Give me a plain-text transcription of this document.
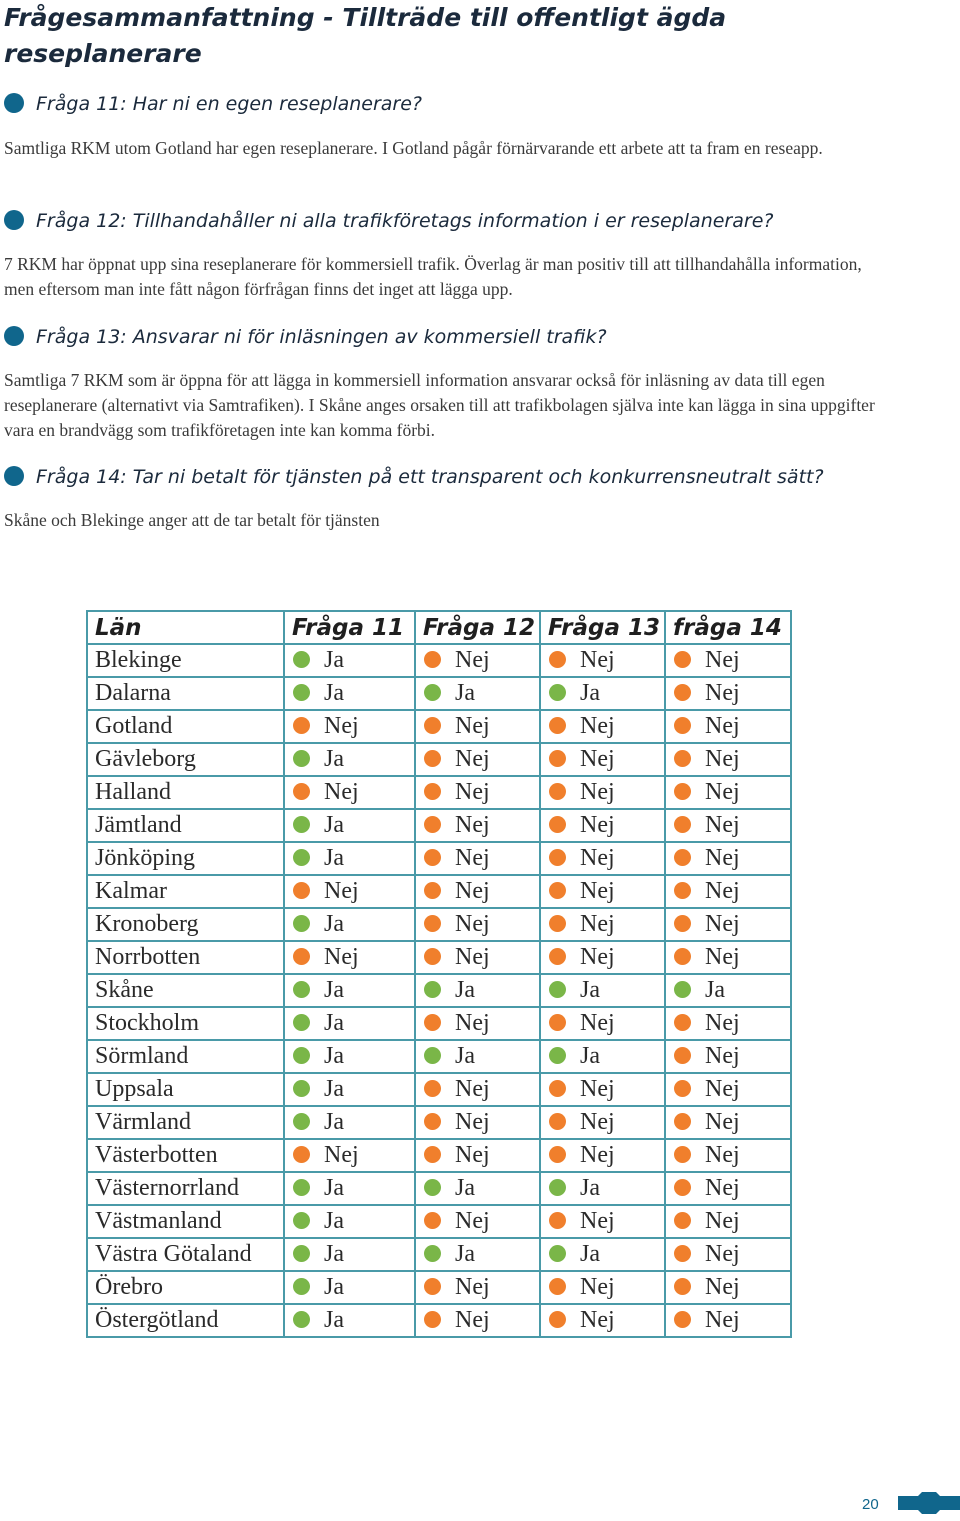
Frågesammanfattning - Tillträde till offentligt ägda reseplanerare
Fråga 11: Har ni en egen reseplanerare?

Samtliga RKM utom Gotland har egen reseplanerare. I Gotland pågår förnärvarande ett arbete att ta fram en reseapp.

Fråga 12: Tillhandahåller ni alla trafikföretags information i er reseplanerare?

7 RKM har öppnat upp sina reseplanerare för kommersiell trafik. Överlag är man positiv till att tillhandahålla information, men eftersom man inte fått någon förfrågan finns det inget att lägga upp.

Fråga 13: Ansvarar ni för inläsningen av kommersiell trafik?

Samtliga 7 RKM som är öppna för att lägga in kommersiell information ansvarar också för inläsning av data till egen reseplanerare (alternativt via Samtrafiken). I Skåne anges orsaken till att trafikbolagen själva inte kan lägga in sina uppgifter vara en brandvägg som trafikföretagen inte kan komma förbi.

Fråga 14: Tar ni betalt för tjänsten på ett transparent och konkurrensneutralt sätt?

Skåne och Blekinge anger att de tar betalt för tjänsten

Län	Fråga 11	Fråga 12	Fråga 13	fråga 14
Blekinge	Ja	Nej	Nej	Nej
Dalarna	Ja	Ja	Ja	Nej
Gotland	Nej	Nej	Nej	Nej
Gävleborg	Ja	Nej	Nej	Nej
Halland	Nej	Nej	Nej	Nej
Jämtland	Ja	Nej	Nej	Nej
Jönköping	Ja	Nej	Nej	Nej
Kalmar	Nej	Nej	Nej	Nej
Kronoberg	Ja	Nej	Nej	Nej
Norrbotten	Nej	Nej	Nej	Nej
Skåne	Ja	Ja	Ja	Ja
Stockholm	Ja	Nej	Nej	Nej
Sörmland	Ja	Ja	Ja	Nej
Uppsala	Ja	Nej	Nej	Nej
Värmland	Ja	Nej	Nej	Nej
Västerbotten	Nej	Nej	Nej	Nej
Västernorrland	Ja	Ja	Ja	Nej
Västmanland	Ja	Nej	Nej	Nej
Västra Götaland	Ja	Ja	Ja	Nej
Örebro	Ja	Nej	Nej	Nej
Östergötland	Ja	Nej	Nej	Nej
20
